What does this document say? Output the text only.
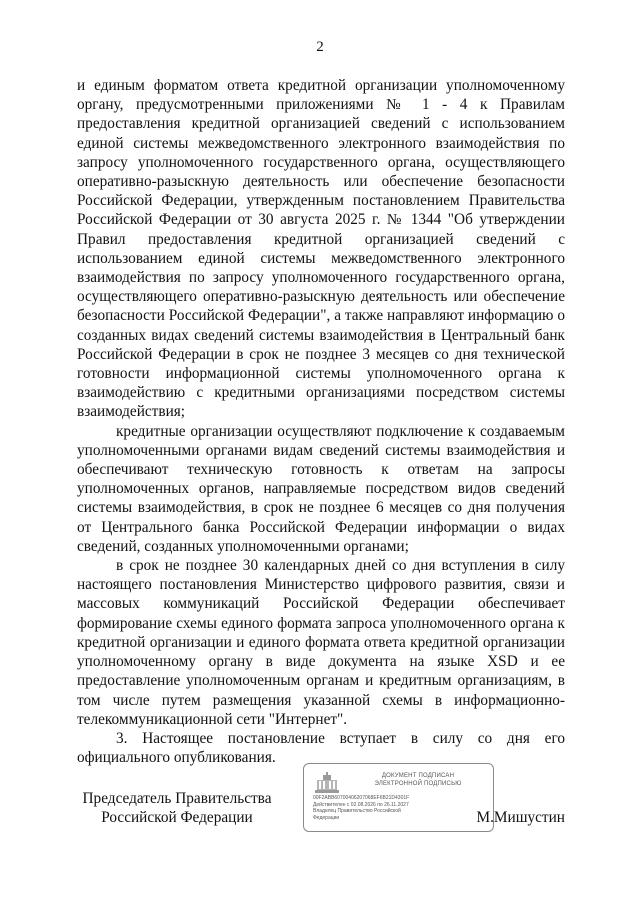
2

и единым форматом ответа кредитной организации уполномоченному органу, предусмотренными приложениями № 1 - 4 к Правилам предоставления кредитной организацией сведений с использованием единой системы межведомственного электронного взаимодействия по запросу уполномоченного государственного органа, осуществляющего оперативно-разыскную деятельность или обеспечение безопасности Российской Федерации, утвержденным постановлением Правительства Российской Федерации от 30 августа 2025 г. № 1344 "Об утверждении Правил предоставления кредитной организацией сведений с использованием единой системы межведомственного электронного взаимодействия по запросу уполномоченного государственного органа, осуществляющего оперативно-разыскную деятельность или обеспечение безопасности Российской Федерации", а также направляют информацию о созданных видах сведений системы взаимодействия в Центральный банк Российской Федерации в срок не позднее 3 месяцев со дня технической готовности информационной системы уполномоченного органа к взаимодействию с кредитными организациями посредством системы взаимодействия;

кредитные организации осуществляют подключение к создаваемым уполномоченными органами видам сведений системы взаимодействия и обеспечивают техническую готовность к ответам на запросы уполномоченных органов, направляемые посредством видов сведений системы взаимодействия, в срок не позднее 6 месяцев со дня получения от Центрального банка Российской Федерации информации о видах сведений, созданных уполномоченными органами;

в срок не позднее 30 календарных дней со дня вступления в силу настоящего постановления Министерство цифрового развития, связи и массовых коммуникаций Российской Федерации обеспечивает формирование схемы единого формата запроса уполномоченного органа к кредитной организации и единого формата ответа кредитной организации уполномоченному органу в виде документа на языке XSD и ее предоставление уполномоченным органам и кредитным организациям, в том числе путем размещения указанной схемы в информационно-телекоммуникационной сети "Интернет".

3. Настоящее постановление вступает в силу со дня его официального опубликования.

Председатель Правительства
Российской Федерации
ДОКУМЕНТ ПОДПИСАН
ЭЛЕКТРОННОЙ ПОДПИСЬЮ
00F2ABB60700406207068EF6B21D4301F
Действителен с 02.08.2026 по 26.11.2027
Владелец Правительство Российской
Федерации	М.Мишустин
